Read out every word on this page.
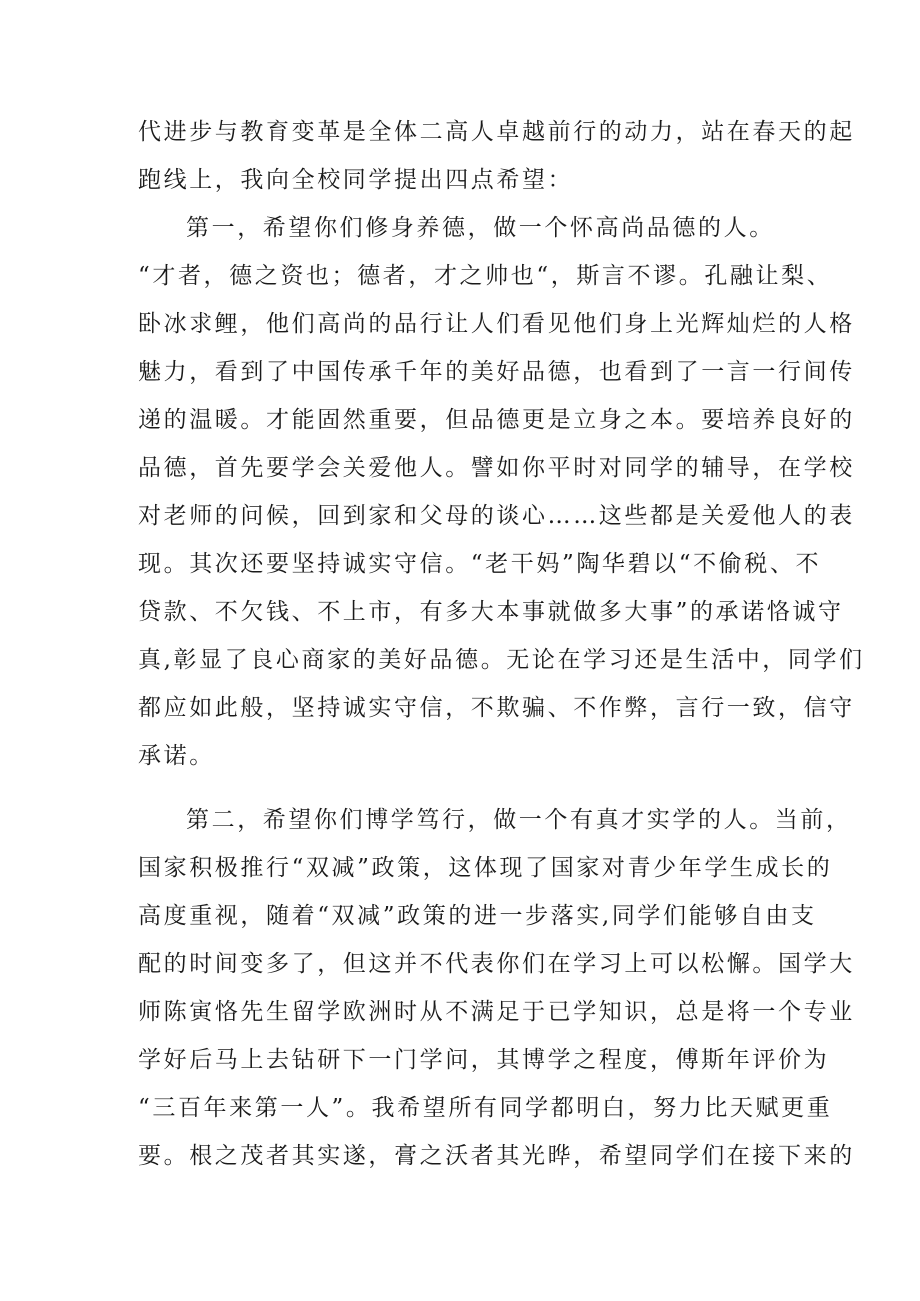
代进步与教育变革是全体二高人卓越前行的动力，站在春天的起
跑线上，我向全校同学提出四点希望：
第一，希望你们修身养德，做一个怀高尚品德的人。
“才者，德之资也；德者，才之帅也“，斯言不谬。孔融让梨、
卧冰求鲤，他们高尚的品行让人们看见他们身上光辉灿烂的人格
魅力，看到了中国传承千年的美好品德，也看到了一言一行间传
递的温暖。才能固然重要，但品德更是立身之本。要培养良好的
品德，首先要学会关爱他人。譬如你平时对同学的辅导，在学校
对老师的问候，回到家和父母的谈心……这些都是关爱他人的表
现。其次还要坚持诚实守信。“老干妈”陶华碧以“不偷税、不
贷款、不欠钱、不上市，有多大本事就做多大事”的承诺恪诚守
真,彰显了良心商家的美好品德。无论在学习还是生活中，同学们
都应如此般，坚持诚实守信，不欺骗、不作弊，言行一致，信守
承诺。
第二，希望你们博学笃行，做一个有真才实学的人。当前，
国家积极推行“双减”政策，这体现了国家对青少年学生成长的
高度重视，随着“双减”政策的进一步落实,同学们能够自由支
配的时间变多了，但这并不代表你们在学习上可以松懈。国学大
师陈寅恪先生留学欧洲时从不满足于已学知识，总是将一个专业
学好后马上去钻研下一门学问，其博学之程度，傅斯年评价为
“三百年来第一人”。我希望所有同学都明白，努力比天赋更重
要。根之茂者其实遂，膏之沃者其光晔，希望同学们在接下来的
